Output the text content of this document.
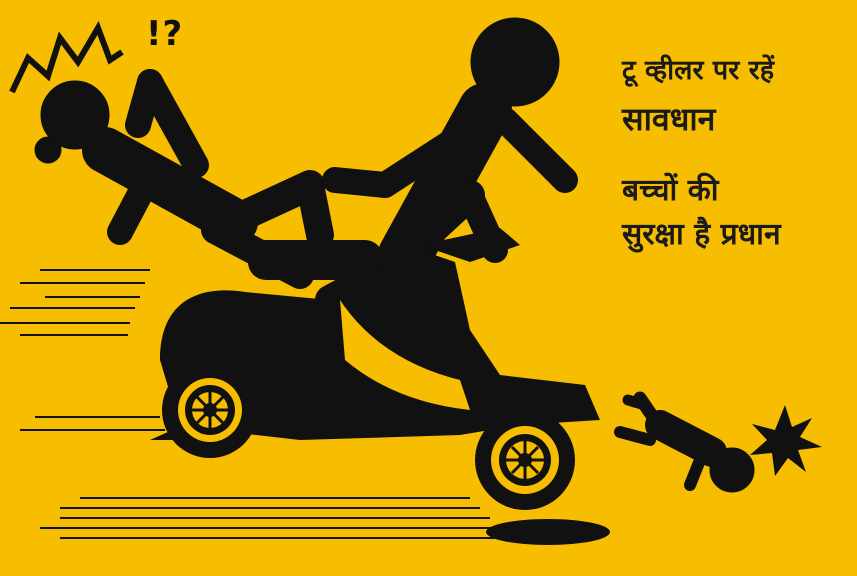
!?

टू व्हीलर पर रहें

सावधान

बच्चों की

सुरक्षा है प्रधान
